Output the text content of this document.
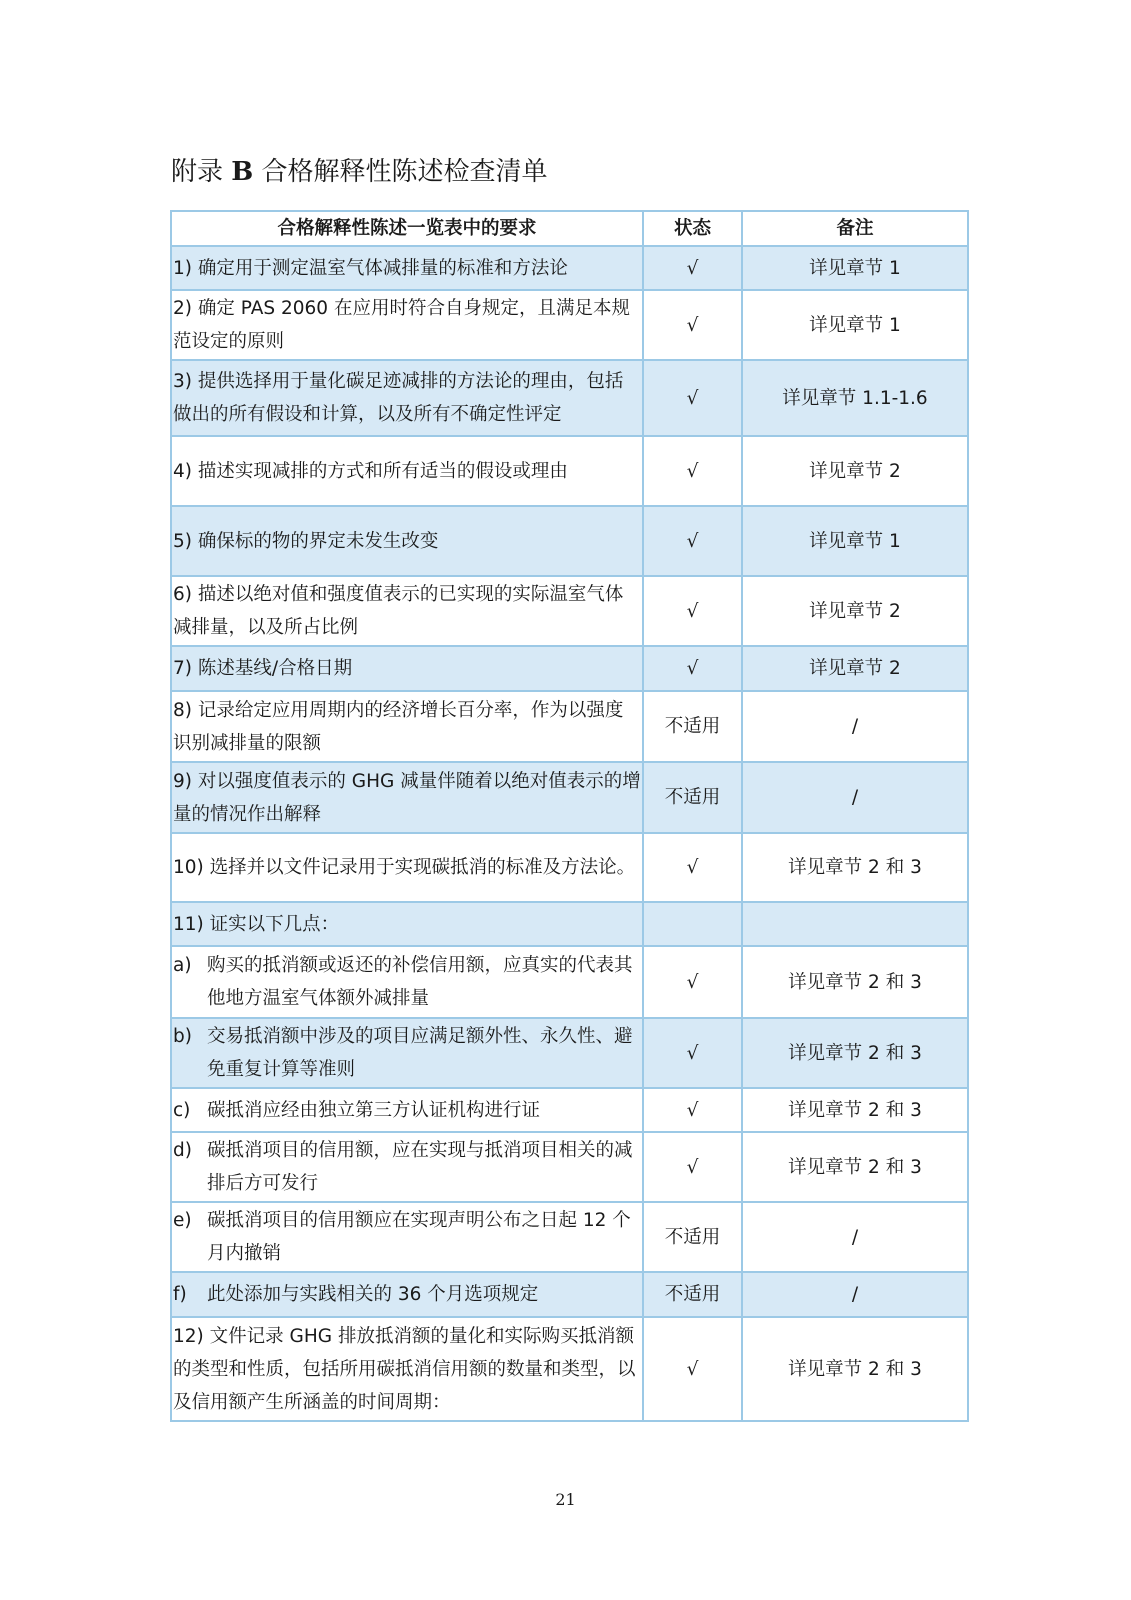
附录 B 合格解释性陈述检查清单
合格解释性陈述一览表中的要求	状态	备注
1) 确定用于测定温室气体减排量的标准和方法论	√	详见章节 1
2) 确定 PAS 2060 在应用时符合自身规定，且满足本规范设定的原则	√	详见章节 1
3) 提供选择用于量化碳足迹减排的方法论的理由，包括做出的所有假设和计算，以及所有不确定性评定	√	详见章节 1.1-1.6
4) 描述实现减排的方式和所有适当的假设或理由	√	详见章节 2
5) 确保标的物的界定未发生改变	√	详见章节 1
6) 描述以绝对值和强度值表示的已实现的实际温室气体减排量，以及所占比例	√	详见章节 2
7) 陈述基线/合格日期	√	详见章节 2
8) 记录给定应用周期内的经济增长百分率，作为以强度识别减排量的限额	不适用	/
9) 对以强度值表示的 GHG 减量伴随着以绝对值表示的增量的情况作出解释	不适用	/
10) 选择并以文件记录用于实现碳抵消的标准及方法论。	√	详见章节 2 和 3
11) 证实以下几点：		

a) 购买的抵消额或返还的补偿信用额，应真实的代表其他地方温室气体额外减排量	√	详见章节 2 和 3

b) 交易抵消额中涉及的项目应满足额外性、永久性、避免重复计算等准则	√	详见章节 2 和 3

c) 碳抵消应经由独立第三方认证机构进行证	√	详见章节 2 和 3

d) 碳抵消项目的信用额，应在实现与抵消项目相关的减排后方可发行	√	详见章节 2 和 3

e) 碳抵消项目的信用额应在实现声明公布之日起 12 个月内撤销	不适用	/

f) 此处添加与实践相关的 36 个月选项规定	不适用	/
12) 文件记录 GHG 排放抵消额的量化和实际购买抵消额的类型和性质，包括所用碳抵消信用额的数量和类型，以及信用额产生所涵盖的时间周期：	√	详见章节 2 和 3
21
